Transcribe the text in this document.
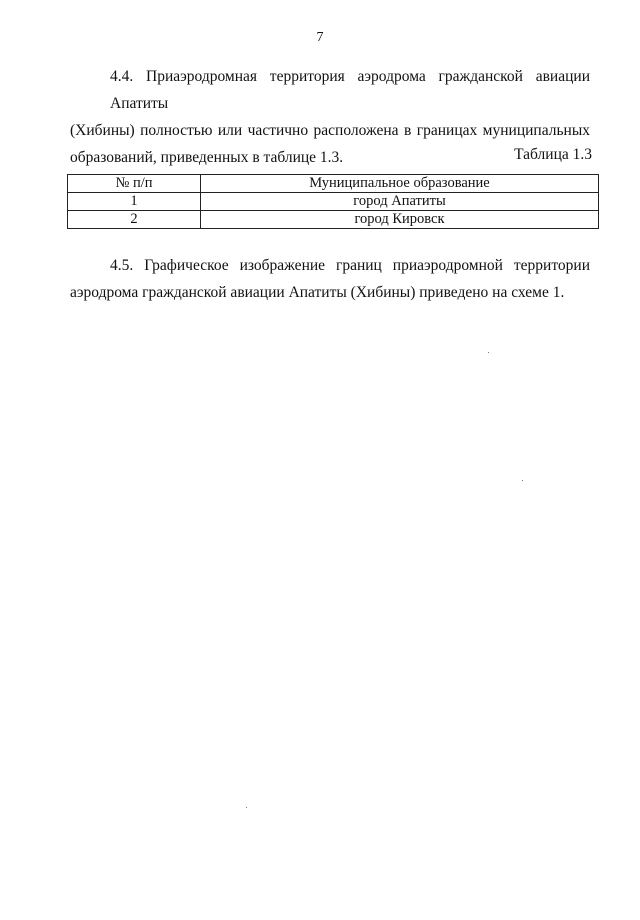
7
4.4. Приаэродромная территория аэродрома гражданской авиации Апатиты
(Хибины) полностью или частично расположена в границах муниципальных
образований, приведенных в таблице 1.3.	Таблица 1.3
№ п/п	Муниципальное образование
1	город Апатиты
2	город Кировск
4.5. Графическое изображение границ приаэродромной территории
аэродрома гражданской авиации Апатиты (Хибины) приведено на схеме 1.
